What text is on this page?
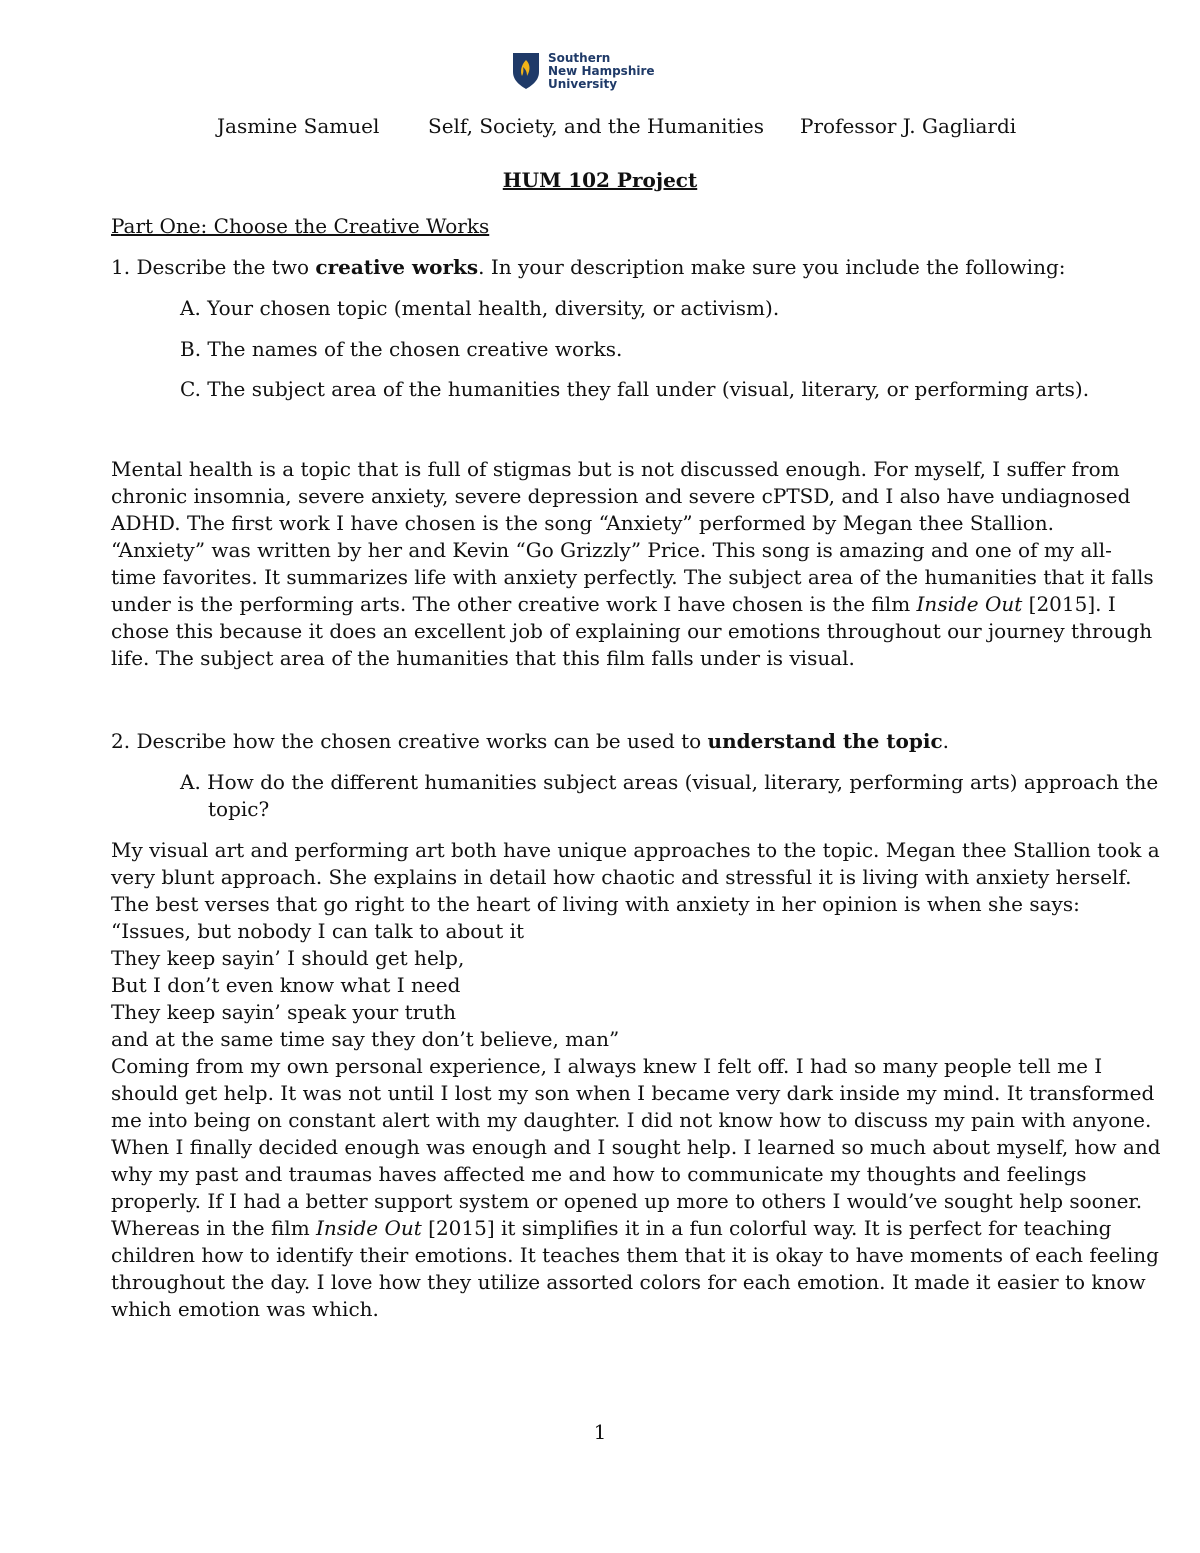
Southern
New Hampshire
University
Jasmine Samuel Self, Society, and the Humanities Professor J. Gagliardi
HUM 102 Project
Part One: Choose the Creative Works
1. Describe the two creative works. In your description make sure you include the following:
A. Your chosen topic (mental health, diversity, or activism).
B. The names of the chosen creative works.
C. The subject area of the humanities they fall under (visual, literary, or performing arts).

Mental health is a topic that is full of stigmas but is not discussed enough. For myself, I suffer from

chronic insomnia, severe anxiety, severe depression and severe cPTSD, and I also have undiagnosed

ADHD. The first work I have chosen is the song “Anxiety” performed by Megan thee Stallion.

“Anxiety” was written by her and Kevin “Go Grizzly” Price. This song is amazing and one of my all-

time favorites. It summarizes life with anxiety perfectly. The subject area of the humanities that it falls

under is the performing arts. The other creative work I have chosen is the film Inside Out [2015]. I

chose this because it does an excellent job of explaining our emotions throughout our journey through

life. The subject area of the humanities that this film falls under is visual.

2. Describe how the chosen creative works can be used to understand the topic.
A. How do the different humanities subject areas (visual, literary, performing arts) approach the
topic?

My visual art and performing art both have unique approaches to the topic. Megan thee Stallion took a

very blunt approach. She explains in detail how chaotic and stressful it is living with anxiety herself.

The best verses that go right to the heart of living with anxiety in her opinion is when she says:

“Issues, but nobody I can talk to about it

They keep sayin’ I should get help,

But I don’t even know what I need

They keep sayin’ speak your truth

and at the same time say they don’t believe, man”

Coming from my own personal experience, I always knew I felt off. I had so many people tell me I

should get help. It was not until I lost my son when I became very dark inside my mind. It transformed

me into being on constant alert with my daughter. I did not know how to discuss my pain with anyone.

When I finally decided enough was enough and I sought help. I learned so much about myself, how and

why my past and traumas haves affected me and how to communicate my thoughts and feelings

properly. If I had a better support system or opened up more to others I would’ve sought help sooner.

Whereas in the film Inside Out [2015] it simplifies it in a fun colorful way. It is perfect for teaching

children how to identify their emotions. It teaches them that it is okay to have moments of each feeling

throughout the day. I love how they utilize assorted colors for each emotion. It made it easier to know

which emotion was which.

1
